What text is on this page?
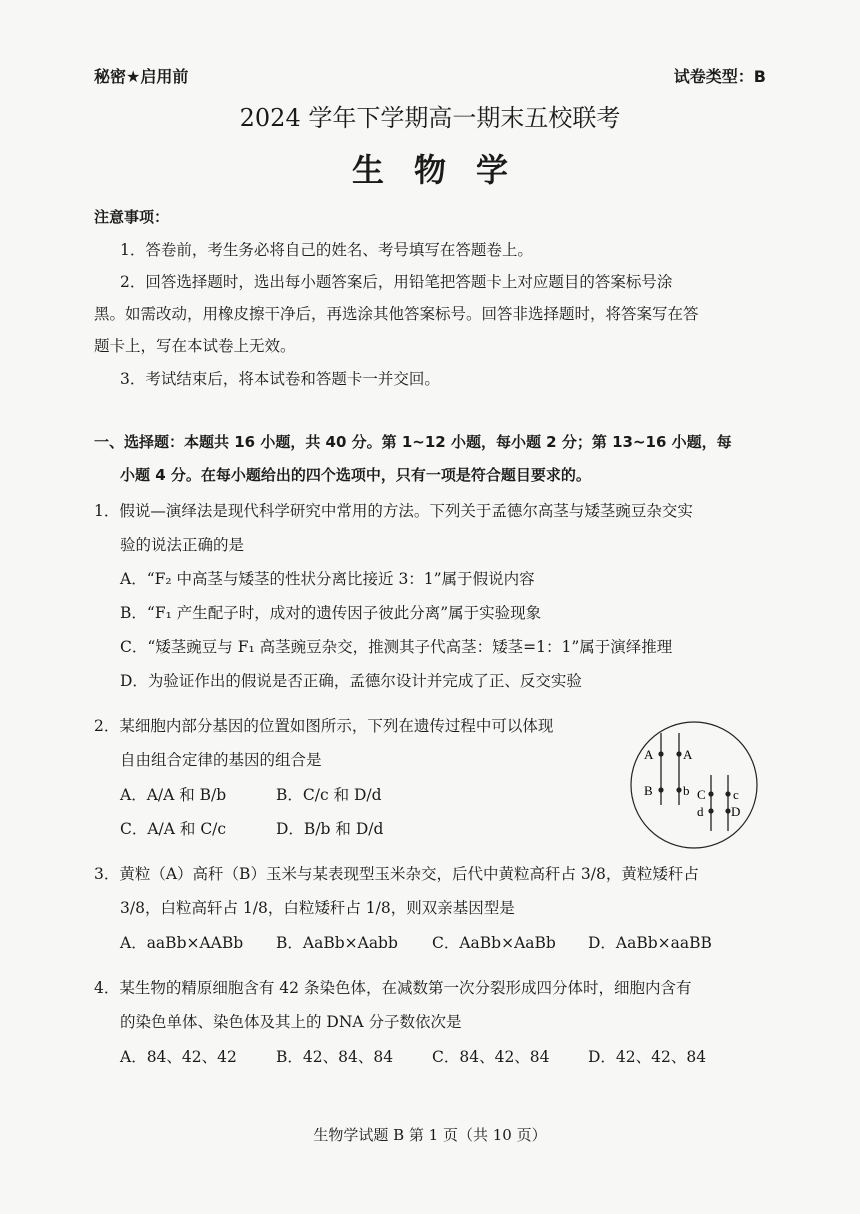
秘密★启用前	试卷类型：B
2024 学年下学期高一期末五校联考
生物学
注意事项：
1．答卷前，考生务必将自己的姓名、考号填写在答题卷上。
2．回答选择题时，选出每小题答案后，用铅笔把答题卡上对应题目的答案标号涂
黑。如需改动，用橡皮擦干净后，再选涂其他答案标号。回答非选择题时，将答案写在答
题卡上，写在本试卷上无效。
3．考试结束后，将本试卷和答题卡一并交回。
一、选择题：本题共 16 小题，共 40 分。第 1~12 小题，每小题 2 分；第 13~16 小题，每
小题 4 分。在每小题给出的四个选项中，只有一项是符合题目要求的。
1．假说—演绎法是现代科学研究中常用的方法。下列关于孟德尔高茎与矮茎豌豆杂交实
验的说法正确的是
A．“F₂ 中高茎与矮茎的性状分离比接近 3：1”属于假说内容
B．“F₁ 产生配子时，成对的遗传因子彼此分离”属于实验现象
C．“矮茎豌豆与 F₁ 高茎豌豆杂交，推测其子代高茎：矮茎=1：1”属于演绎推理
D．为验证作出的假说是否正确，孟德尔设计并完成了正、反交实验
2．某细胞内部分基因的位置如图所示，下列在遗传过程中可以体现
自由组合定律的基因的组合是
A．A/A 和 B/b	B．C/c 和 D/d
C．A/A 和 C/c	D．B/b 和 D/d
A A
B b C c
d D
3．黄粒（A）高秆（B）玉米与某表现型玉米杂交，后代中黄粒高秆占 3/8，黄粒矮秆占
3/8，白粒高轩占 1/8，白粒矮秆占 1/8，则双亲基因型是
A．aaBb×AABb B．AaBb×Aabb C．AaBb×AaBb D．AaBb×aaBB
4．某生物的精原细胞含有 42 条染色体，在减数第一次分裂形成四分体时，细胞内含有
的染色单体、染色体及其上的 DNA 分子数依次是
A．84、42、42	B．42、84、84	C．84、42、84 D．42、42、84
生物学试题 B 第 1 页（共 10 页）
